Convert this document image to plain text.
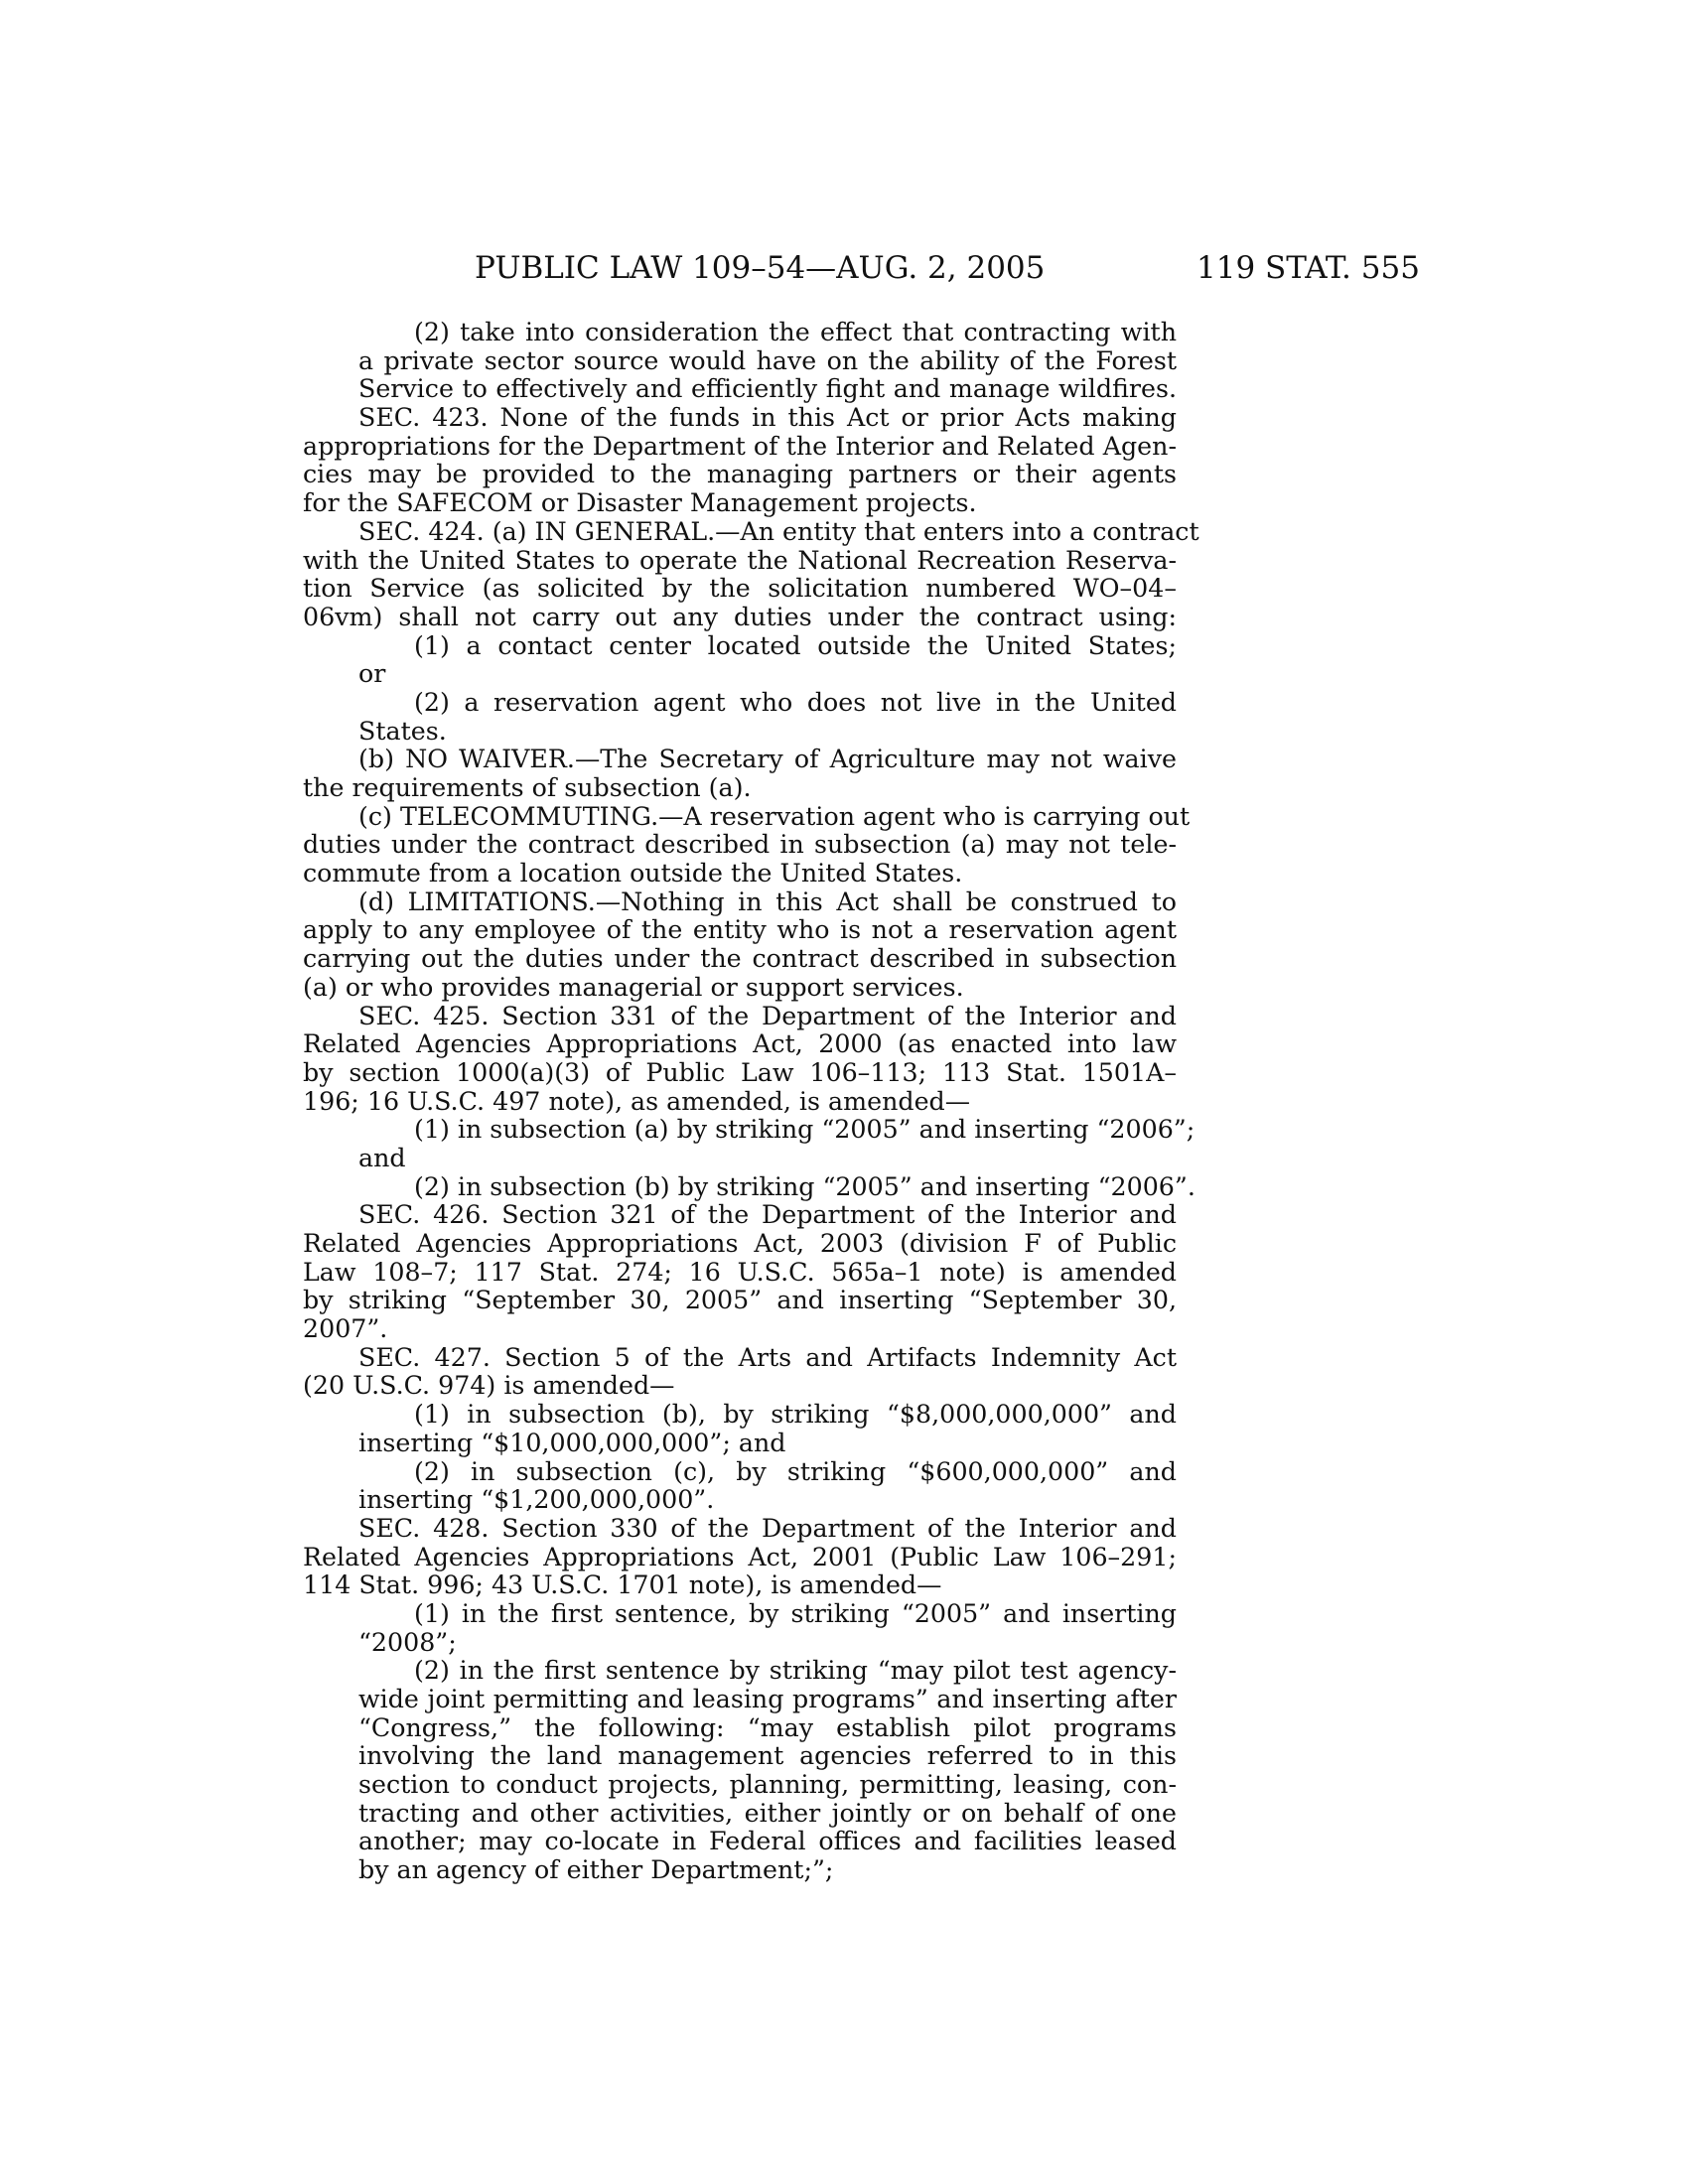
PUBLIC LAW 109–54—AUG. 2, 2005	119 STAT. 555
(2) take into consideration the effect that contracting with
a private sector source would have on the ability of the Forest
Service to effectively and efficiently fight and manage wildfires.
SEC. 423. None of the funds in this Act or prior Acts making
appropriations for the Department of the Interior and Related Agen-
cies may be provided to the managing partners or their agents
for the SAFECOM or Disaster Management projects.
SEC. 424. (a) IN GENERAL.—An entity that enters into a contract
with the United States to operate the National Recreation Reserva-
tion Service (as solicited by the solicitation numbered WO–04–
06vm) shall not carry out any duties under the contract using:
(1) a contact center located outside the United States;
or
(2) a reservation agent who does not live in the United
States.
(b) NO WAIVER.—The Secretary of Agriculture may not waive
the requirements of subsection (a).
(c) TELECOMMUTING.—A reservation agent who is carrying out
duties under the contract described in subsection (a) may not tele-
commute from a location outside the United States.
(d) LIMITATIONS.—Nothing in this Act shall be construed to
apply to any employee of the entity who is not a reservation agent
carrying out the duties under the contract described in subsection
(a) or who provides managerial or support services.
SEC. 425. Section 331 of the Department of the Interior and
Related Agencies Appropriations Act, 2000 (as enacted into law
by section 1000(a)(3) of Public Law 106–113; 113 Stat. 1501A–
196; 16 U.S.C. 497 note), as amended, is amended—
(1) in subsection (a) by striking “2005” and inserting “2006”;
and
(2) in subsection (b) by striking “2005” and inserting “2006”.
SEC. 426. Section 321 of the Department of the Interior and
Related Agencies Appropriations Act, 2003 (division F of Public
Law 108–7; 117 Stat. 274; 16 U.S.C. 565a–1 note) is amended
by striking “September 30, 2005” and inserting “September 30,
2007”.
SEC. 427. Section 5 of the Arts and Artifacts Indemnity Act
(20 U.S.C. 974) is amended—
(1) in subsection (b), by striking “$8,000,000,000” and
inserting “$10,000,000,000”; and
(2) in subsection (c), by striking “$600,000,000” and
inserting “$1,200,000,000”.
SEC. 428. Section 330 of the Department of the Interior and
Related Agencies Appropriations Act, 2001 (Public Law 106–291;
114 Stat. 996; 43 U.S.C. 1701 note), is amended—
(1) in the first sentence, by striking “2005” and inserting
“2008”;
(2) in the first sentence by striking “may pilot test agency-
wide joint permitting and leasing programs” and inserting after
“Congress,” the following: “may establish pilot programs
involving the land management agencies referred to in this
section to conduct projects, planning, permitting, leasing, con-
tracting and other activities, either jointly or on behalf of one
another; may co-locate in Federal offices and facilities leased
by an agency of either Department;”;
